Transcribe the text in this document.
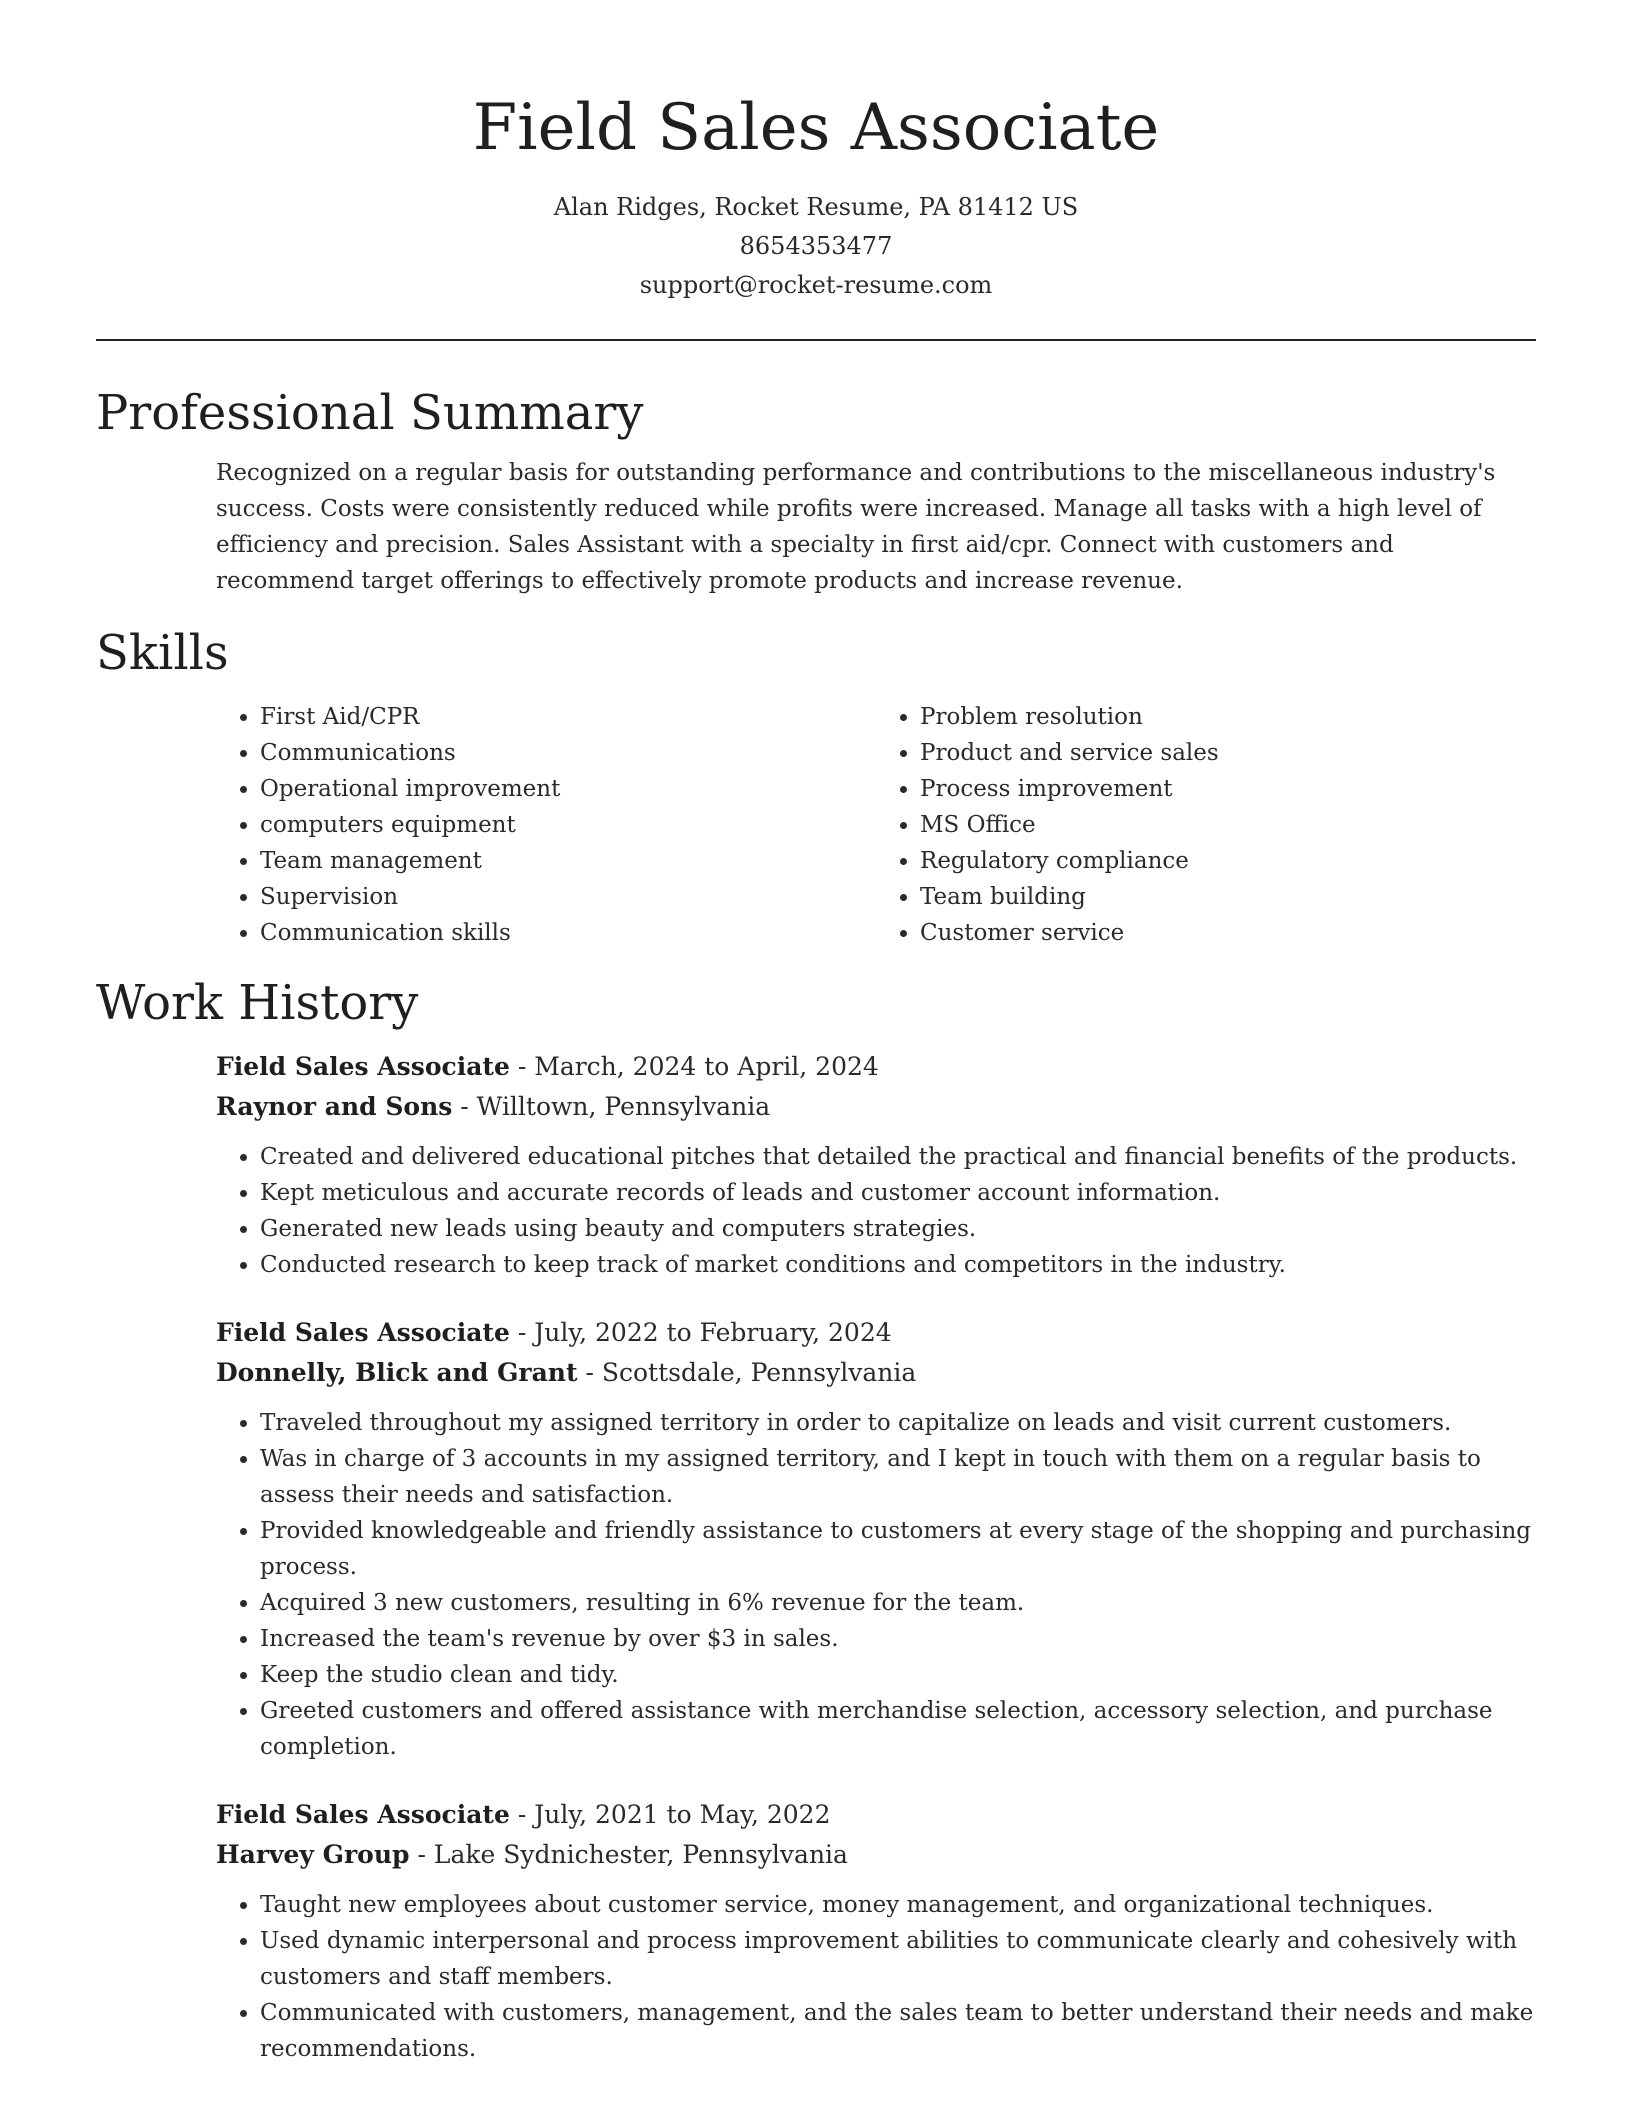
Field Sales Associate
Alan Ridges, Rocket Resume, PA 81412 US
8654353477
support@rocket-resume.com
Professional Summary

Recognized on a regular basis for outstanding performance and contributions to the miscellaneous industry's success. Costs were consistently reduced while profits were increased. Manage all tasks with a high level of efficiency and precision. Sales Assistant with a specialty in first aid/cpr. Connect with customers and recommend target offerings to effectively promote products and increase revenue.

Skills
• First Aid/CPR
• Communications
• Operational improvement
• computers equipment
• Team management
• Supervision
• Communication skills
• Problem resolution
• Product and service sales
• Process improvement
• MS Office
• Regulatory compliance
• Team building
• Customer service
Work History
Field Sales Associate - March, 2024 to April, 2024
Raynor and Sons - Willtown, Pennsylvania
• Created and delivered educational pitches that detailed the practical and financial benefits of the products.
• Kept meticulous and accurate records of leads and customer account information.
• Generated new leads using beauty and computers strategies.
• Conducted research to keep track of market conditions and competitors in the industry.
Field Sales Associate - July, 2022 to February, 2024
Donnelly, Blick and Grant - Scottsdale, Pennsylvania
• Traveled throughout my assigned territory in order to capitalize on leads and visit current customers.
• Was in charge of 3 accounts in my assigned territory, and I kept in touch with them on a regular basis to assess their needs and satisfaction.
• Provided knowledgeable and friendly assistance to customers at every stage of the shopping and purchasing process.
• Acquired 3 new customers, resulting in 6% revenue for the team.
• Increased the team's revenue by over $3 in sales.
• Keep the studio clean and tidy.
• Greeted customers and offered assistance with merchandise selection, accessory selection, and purchase completion.
Field Sales Associate - July, 2021 to May, 2022
Harvey Group - Lake Sydnichester, Pennsylvania
• Taught new employees about customer service, money management, and organizational techniques.
• Used dynamic interpersonal and process improvement abilities to communicate clearly and cohesively with customers and staff members.
• Communicated with customers, management, and the sales team to better understand their needs and make recommendations.
